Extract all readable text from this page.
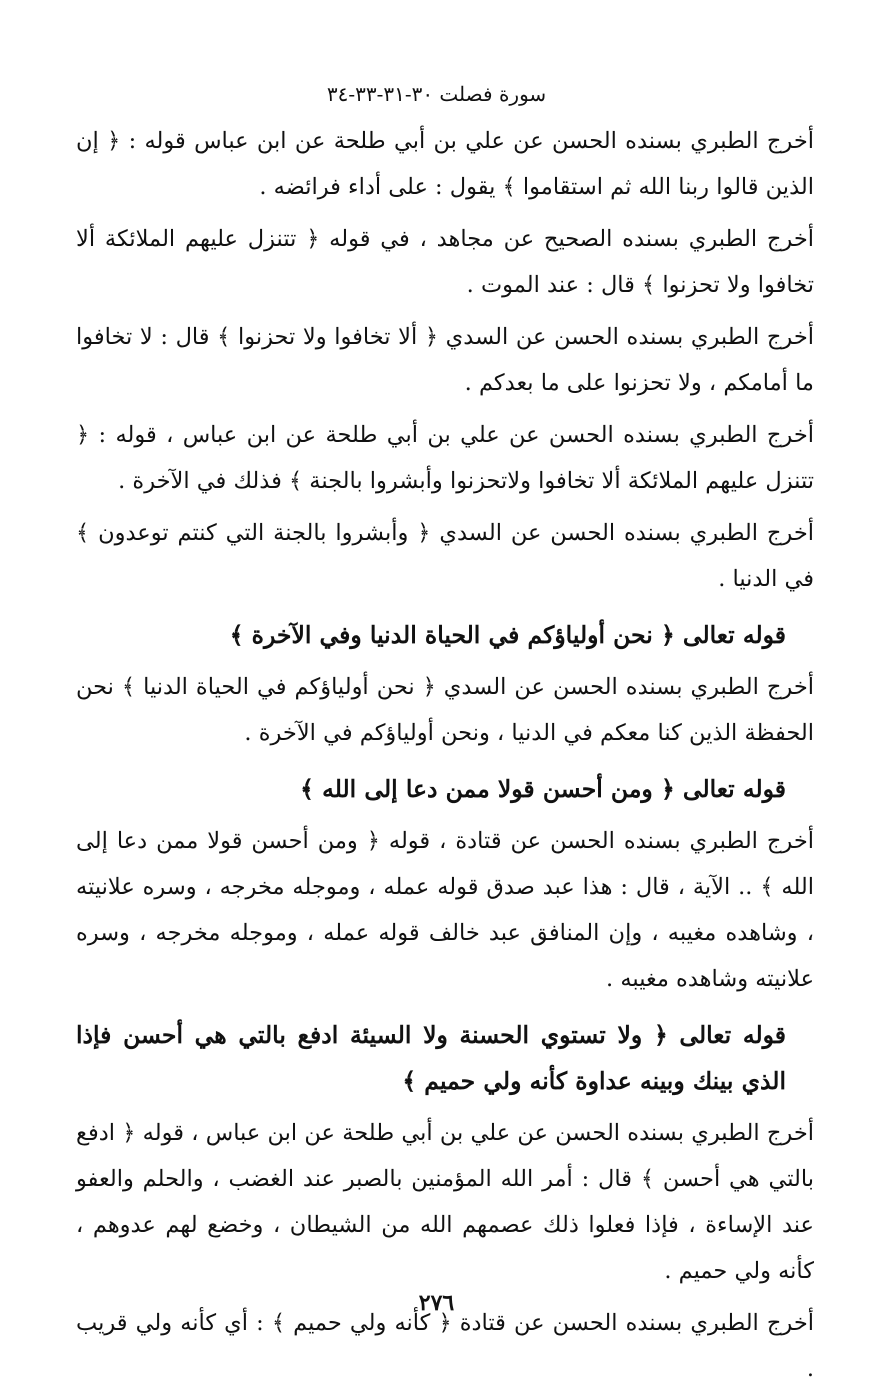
سورة فصلت ٣٠-٣١-٣٣-٣٤

أخرج الطبري بسنده الحسن عن علي بن أبي طلحة عن ابن عباس قوله : ﴿ إن الذين قالوا ربنا الله ثم استقاموا ﴾ يقول : على أداء فرائضه .

أخرج الطبري بسنده الصحيح عن مجاهد ، في قوله ﴿ تتنزل عليهم الملائكة ألا تخافوا ولا تحزنوا ﴾ قال : عند الموت .

أخرج الطبري بسنده الحسن عن السدي ﴿ ألا تخافوا ولا تحزنوا ﴾ قال : لا تخافوا ما أمامكم ، ولا تحزنوا على ما بعدكم .

أخرج الطبري بسنده الحسن عن علي بن أبي طلحة عن ابن عباس ، قوله : ﴿ تتنزل عليهم الملائكة ألا تخافوا ولاتحزنوا وأبشروا بالجنة ﴾ فذلك في الآخرة .

أخرج الطبري بسنده الحسن عن السدي ﴿ وأبشروا بالجنة التي كنتم توعدون ﴾ في الدنيا .

قوله تعالى ﴿ نحن أولياؤكم في الحياة الدنيا وفي الآخرة ﴾

أخرج الطبري بسنده الحسن عن السدي ﴿ نحن أولياؤكم في الحياة الدنيا ﴾ نحن الحفظة الذين كنا معكم في الدنيا ، ونحن أولياؤكم في الآخرة .

قوله تعالى ﴿ ومن أحسن قولا ممن دعا إلى الله ﴾

أخرج الطبري بسنده الحسن عن قتادة ، قوله ﴿ ومن أحسن قولا ممن دعا إلى الله ﴾ .. الآية ، قال : هذا عبد صدق قوله عمله ، وموجله مخرجه ، وسره علانيته ، وشاهده مغيبه ، وإن المنافق عبد خالف قوله عمله ، وموجله مخرجه ، وسره علانيته وشاهده مغيبه .

قوله تعالى ﴿ ولا تستوي الحسنة ولا السيئة ادفع بالتي هي أحسن فإذا الذي بينك وبينه عداوة كأنه ولي حميم ﴾

أخرج الطبري بسنده الحسن عن علي بن أبي طلحة عن ابن عباس ، قوله ﴿ ادفع بالتي هي أحسن ﴾ قال : أمر الله المؤمنين بالصبر عند الغضب ، والحلم والعفو عند الإساءة ، فإذا فعلوا ذلك عصمهم الله من الشيطان ، وخضع لهم عدوهم ، كأنه ولي حميم .

أخرج الطبري بسنده الحسن عن قتادة ﴿ كأنه ولي حميم ﴾ : أي كأنه ولي قريب .

٢٧٦
